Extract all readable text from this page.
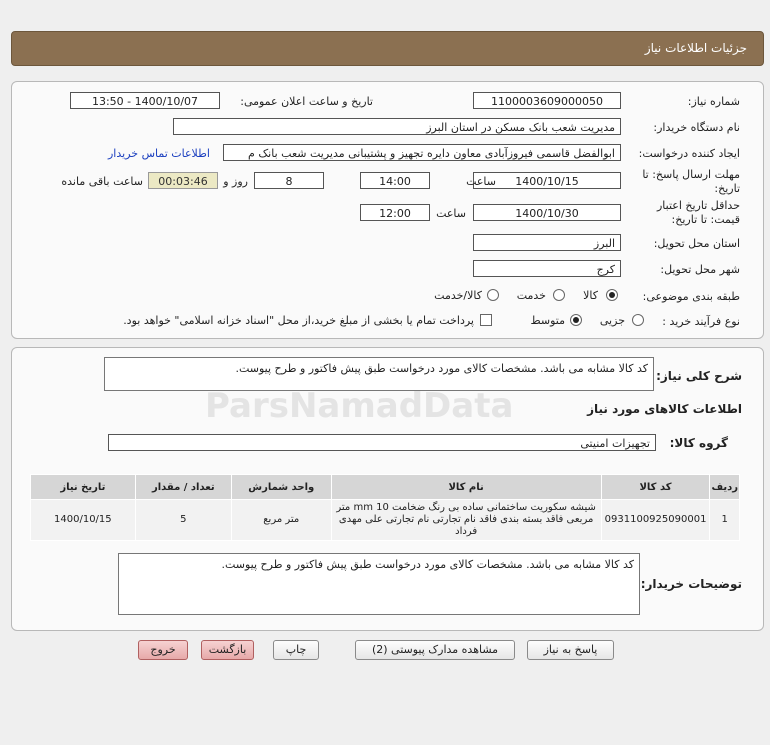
جزئیات اطلاعات نیاز
شماره نیاز:
1100003609000050
تاریخ و ساعت اعلان عمومی:
1400/10/07 - 13:50
نام دستگاه خریدار:
مدیریت شعب بانک مسکن در استان البرز
ایجاد کننده درخواست:
ابوالفضل قاسمی فیروزآبادی معاون دایره تجهیز و پشتیبانی مدیریت شعب بانک م
اطلاعات تماس خریدار
مهلت ارسال پاسخ: تا
تاریخ:
1400/10/15
ساعت
14:00
8
روز و
00:03:46
ساعت باقی مانده
حداقل تاریخ اعتبار
قیمت: تا تاریخ:
1400/10/30
ساعت
12:00
استان محل تحویل:
البرز
شهر محل تحویل:
کرج
طبقه بندی موضوعی:
کالا
خدمت
کالا/خدمت
نوع فرآیند خرید :
جزیی
متوسط
پرداخت تمام یا بخشی از مبلغ خرید،از محل "اسناد خزانه اسلامی" خواهد بود.
شرح کلی نیاز:
کد کالا مشابه می باشد. مشخصات کالای مورد درخواست طبق پیش فاکتور و طرح پیوست.
اطلاعات کالاهای مورد نیاز
گروه کالا:
تجهیزات امنیتی
ردیف	کد کالا	نام کالا	واحد شمارش	تعداد / مقدار	تاریخ نیاز
1	0931100925090001	شیشه سکوریت ساختمانی ساده بی رنگ ضخامت 10 mm متر مربعی فاقد بسته بندی فاقد نام تجارتی نام تجارتی علی مهدی فرداد	متر مربع	5	1400/10/15
توضیحات خریدار:
کد کالا مشابه می باشد. مشخصات کالای مورد درخواست طبق پیش فاکتور و طرح پیوست.
ParsNamadData
پاسخ به نیاز
مشاهده مدارک پیوستی (2)
چاپ
بازگشت
خروج
